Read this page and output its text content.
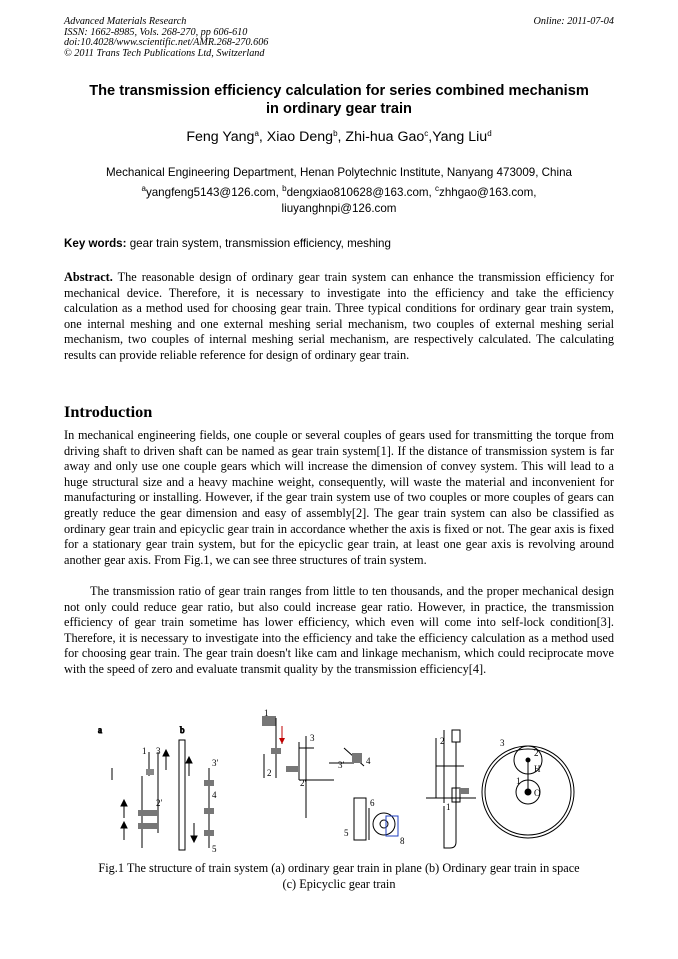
Advanced Materials Research
ISSN: 1662-8985, Vols. 268-270, pp 606-610
doi:10.4028/www.scientific.net/AMR.268-270.606
© 2011 Trans Tech Publications Ltd, Switzerland
Online: 2011-07-04
The transmission efficiency calculation for series combined mechanism
in ordinary gear train
Feng Yang$^a$, Xiao Deng$^b$, Zhi-hua Gao$^c$,Yang Liu$^d$
Mechanical Engineering Department, Henan Polytechnic Institute, Nanyang 473009, China
$^a$yangfeng5143@126.com, $^b$dengxiao810628@163.com, $^c$zhhgao@163.com,
liuyanghnpi@126.com
Key words: gear train system, transmission efficiency, meshing
Abstract. The reasonable design of ordinary gear train system can enhance the transmission efficiency for mechanical device. Therefore, it is necessary to investigate into the efficiency and take the efficiency calculation as a method used for choosing gear train. Three typical conditions for ordinary gear train system, one internal meshing and one external meshing serial mechanism, two couples of external meshing serial mechanism, two couples of internal meshing serial mechanism, are respectively calculated. The calculating results can provide reliable reference for design of ordinary gear train.
Introduction
In mechanical engineering fields, one couple or several couples of gears used for transmitting the torque from driving shaft to driven shaft can be named as gear train system[1]. If the distance of transmission system is far away and only use one couple gears which will increase the dimension of convey system. This will lead to a huge structural size and a heavy machine weight, consequently, will waste the material and inconvenient for manufacturing or installing. However, if the gear train system use of two couples or more couples of gears can greatly reduce the gear dimension and easy of assembly[2]. The gear train system can also be classified as ordinary gear train and epicyclic gear train in accordance whether the axis is fixed or not. The gear axis is fixed for a stationary gear train system, but for the epicyclic gear train, at least one gear axis is revolving around another gear axis. From Fig.1, we can see three structures of train system.
The transmission ratio of gear train ranges from little to ten thousands, and the proper mechanical design not only could reduce gear ratio, but also could increase gear ratio. However, in practice, the transmission efficiency of gear train sometime has lower efficiency, which even will come into self-lock condition[3]. Therefore, it is necessary to investigate into the efficiency and take the efficiency calculation as a method used for choosing gear train. The gear train doesn't like cam and linkage mechanism, which could reciprocate move with the speed of zero and evaluate transmit quality by the transmission efficiency[4].
a	b
1 3
3′
2′
4
5
1
2
2′
3
3′ 4
5
6
8
2
1
3
2
H
1
O
Fig.1 The structure of train system (a) ordinary gear train in plane (b) Ordinary gear train in space
(c) Epicyclic gear train
